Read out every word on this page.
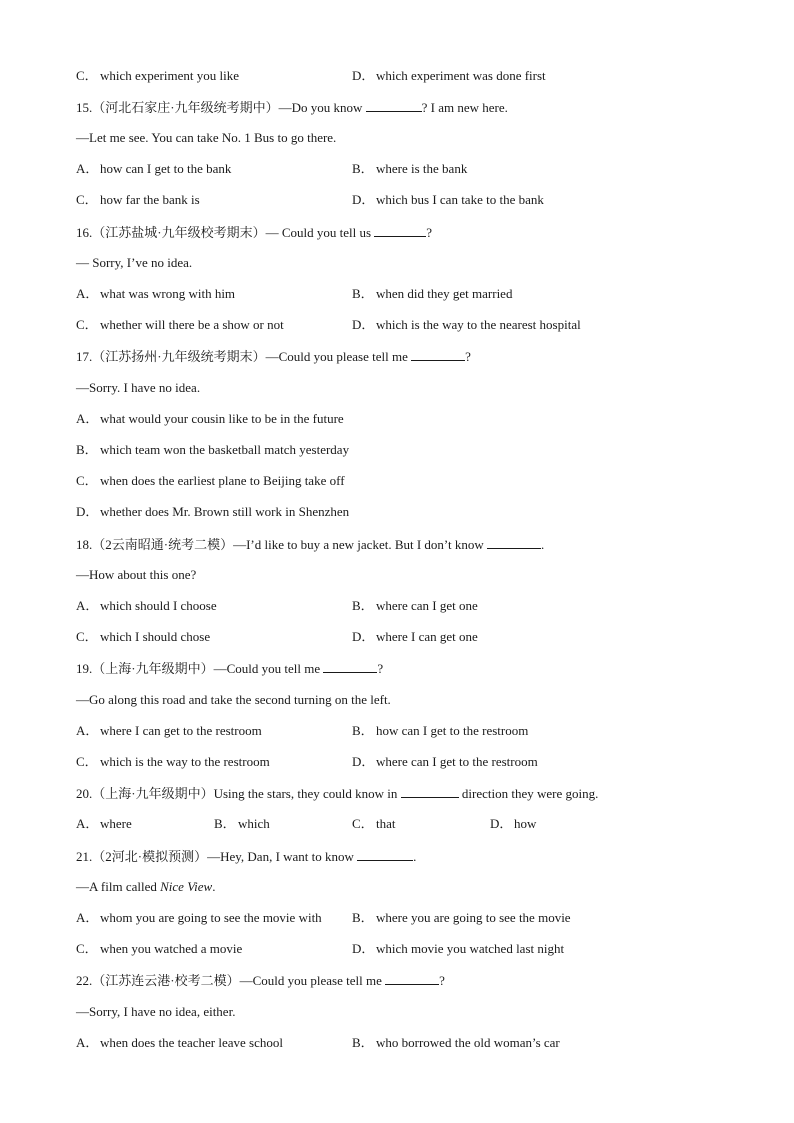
C． which experiment you like	D． which experiment was done first
15.（河北石家庄·九年级统考期中）—Do you know	? I am new here.
—Let me see. You can take No. 1 Bus to go there.
A． how can I get to the bank	B． where is the bank
C． how far the bank is	D． which bus I can take to the bank
16.（江苏盐城·九年级校考期末）— Could you tell us	?
— Sorry, I’ve no idea.
A． what was wrong with him	B． when did they get married
C． whether will there be a show or not	D． which is the way to the nearest hospital
17.（江苏扬州·九年级统考期末）—Could you please tell me	?
—Sorry. I have no idea.
A． what would your cousin like to be in the future
B． which team won the basketball match yesterday
C． when does the earliest plane to Beijing take off
D． whether does Mr. Brown still work in Shenzhen
18.（2云南昭通·统考二模）—I’d like to buy a new jacket. But I don’t know	.
—How about this one?
A． which should I choose	B． where can I get one
C． which I should chose	D． where I can get one
19.（上海·九年级期中）—Could you tell me	?
—Go along this road and take the second turning on the left.
A． where I can get to the restroom	B． how can I get to the restroom
C． which is the way to the restroom	D． where can I get to the restroom
20.（上海·九年级期中）Using the stars, they could know in	direction they were going.
A． where	B． which	C． that	D． how
21.（2河北·模拟预测）—Hey, Dan, I want to know	.
—A film called Nice View.
A． whom you are going to see the movie with B． where you are going to see the movie
C． when you watched a movie	D． which movie you watched last night
22.（江苏连云港·校考二模）—Could you please tell me	?
—Sorry, I have no idea, either.
A． when does the teacher leave school	B． who borrowed the old woman’s car
